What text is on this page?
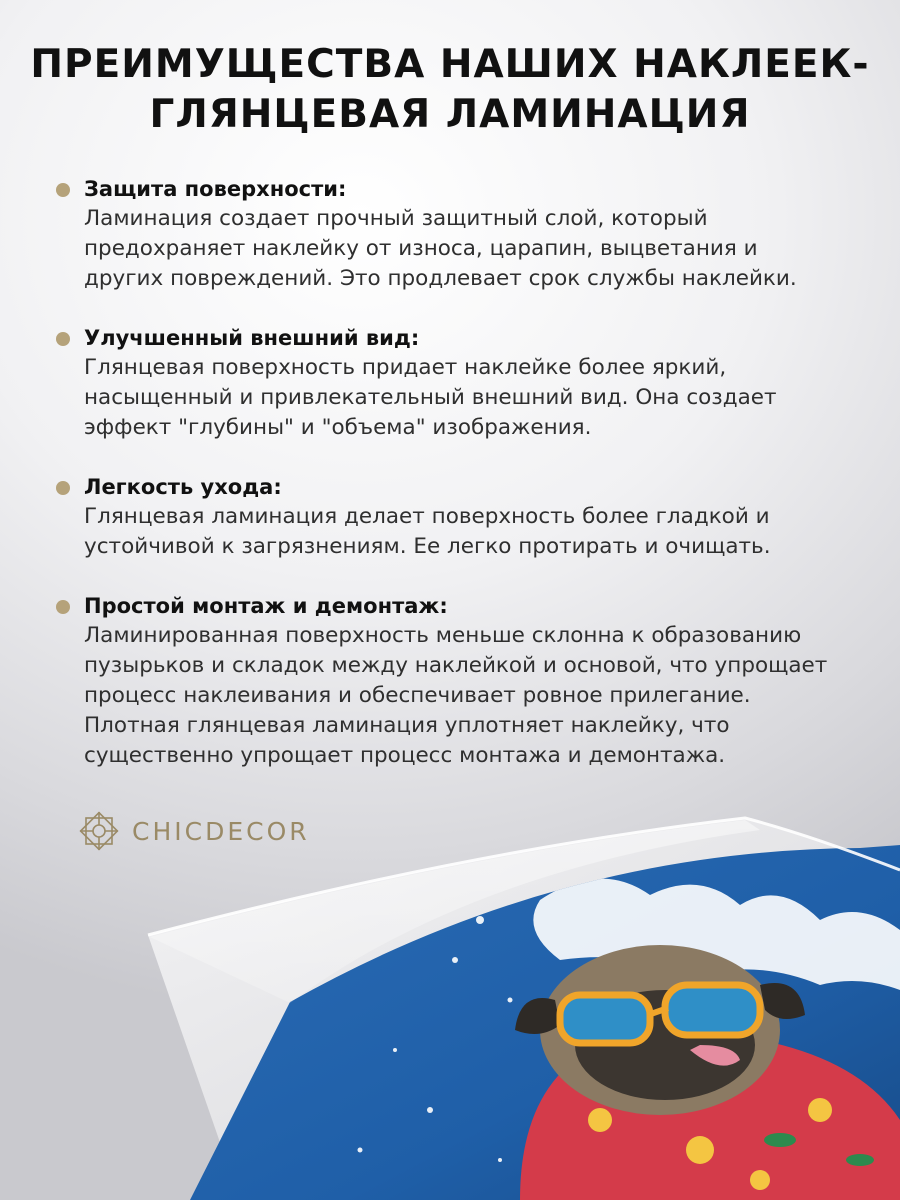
ПРЕИМУЩЕСТВА НАШИХ НАКЛЕЕК-
ГЛЯНЦЕВАЯ ЛАМИНАЦИЯ
Защита поверхности:
Ламинация создает прочный защитный слой, который
предохраняет наклейку от износа, царапин, выцветания и
других повреждений. Это продлевает срок службы наклейки.
Улучшенный внешний вид:
Глянцевая поверхность придает наклейке более яркий,
насыщенный и привлекательный внешний вид. Она создает
эффект "глубины" и "объема" изображения.
Легкость ухода:
Глянцевая ламинация делает поверхность более гладкой и
устойчивой к загрязнениям. Ее легко протирать и очищать.
Простой монтаж и демонтаж:
Ламинированная поверхность меньше склонна к образованию
пузырьков и складок между наклейкой и основой, что упрощает
процесс наклеивания и обеспечивает ровное прилегание.
Плотная глянцевая ламинация уплотняет наклейку, что
существенно упрощает процесс монтажа и демонтажа.
CHICDECOR
